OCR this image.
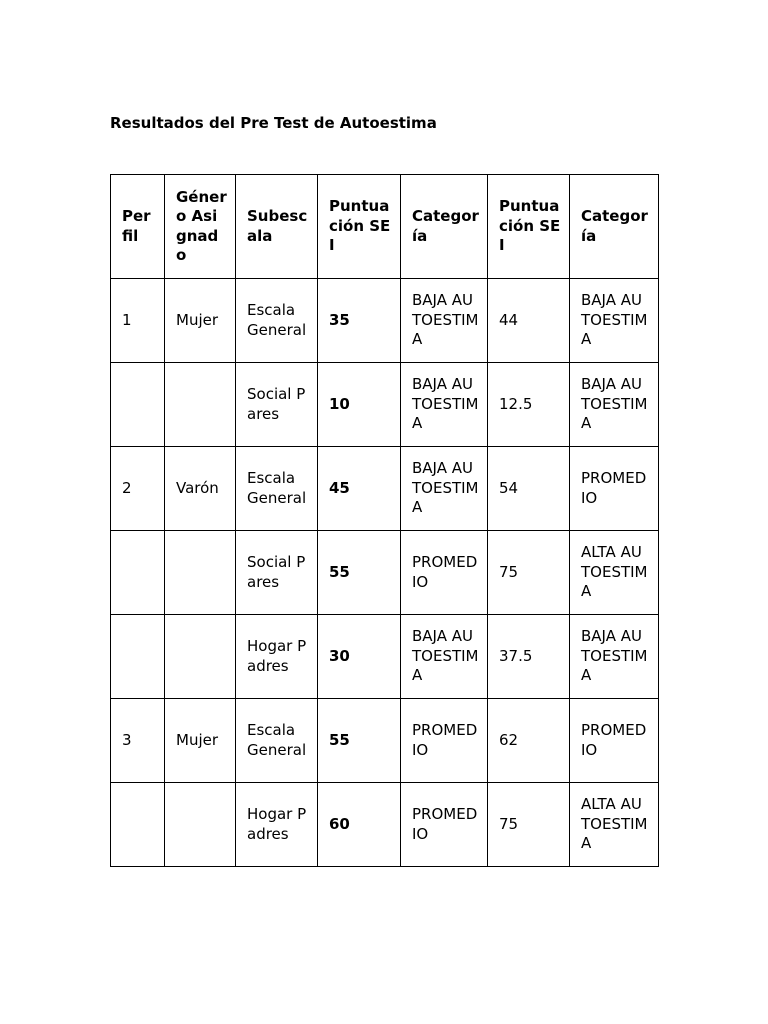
Resultados del Pre Test de Autoestima
Perfil	Género Asignado	Subescala	Puntuación SEI	Categoría	Puntuación SEI	Categoría
1	Mujer	Escala General	35	BAJA AUTOESTIMA	44	BAJA AUTOESTIMA
		Social Pares	10	BAJA AUTOESTIMA	12.5	BAJA AUTOESTIMA
2	Varón	Escala General	45	BAJA AUTOESTIMA	54	PROMEDIO
		Social Pares	55	PROMEDIO	75	ALTA AUTOESTIMA
		Hogar Padres	30	BAJA AUTOESTIMA	37.5	BAJA AUTOESTIMA
3	Mujer	Escala General	55	PROMEDIO	62	PROMEDIO
		Hogar Padres	60	PROMEDIO	75	ALTA AUTOESTIMA
